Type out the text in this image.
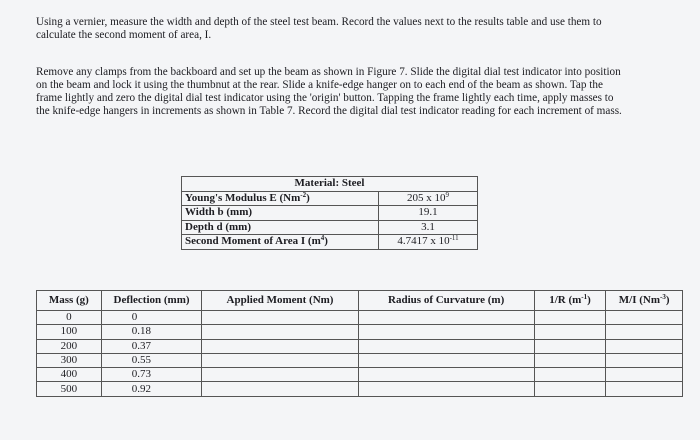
Using a vernier, measure the width and depth of the steel test beam. Record the values next to the results table and use them to calculate the second moment of area, I.

Remove any clamps from the backboard and set up the beam as shown in Figure 7. Slide the digital dial test indicator into position on the beam and lock it using the thumbnut at the rear. Slide a knife-edge hanger on to each end of the beam as shown. Tap the frame lightly and zero the digital dial test indicator using the 'origin' button. Tapping the frame lightly each time, apply masses to the knife-edge hangers in increments as shown in Table 7. Record the digital dial test indicator reading for each increment of mass.

Material: Steel	
Young's Modulus E $(Nm^{-2})$	205 x $10^9$
Width b (mm)	19.1
Depth d (mm)	3.1
Second Moment of Area I $(m^4)$	4.7417 x $10^{-11}$
Mass (g)	Deflection (mm)	Applied Moment (Nm)	Radius of Curvature (m)	1/R $(m^{-1})$	M/I $(Nm^{-3})$
0	0				
100	0.18				
200	0.37				
300	0.55				
400	0.73				
500	0.92				
